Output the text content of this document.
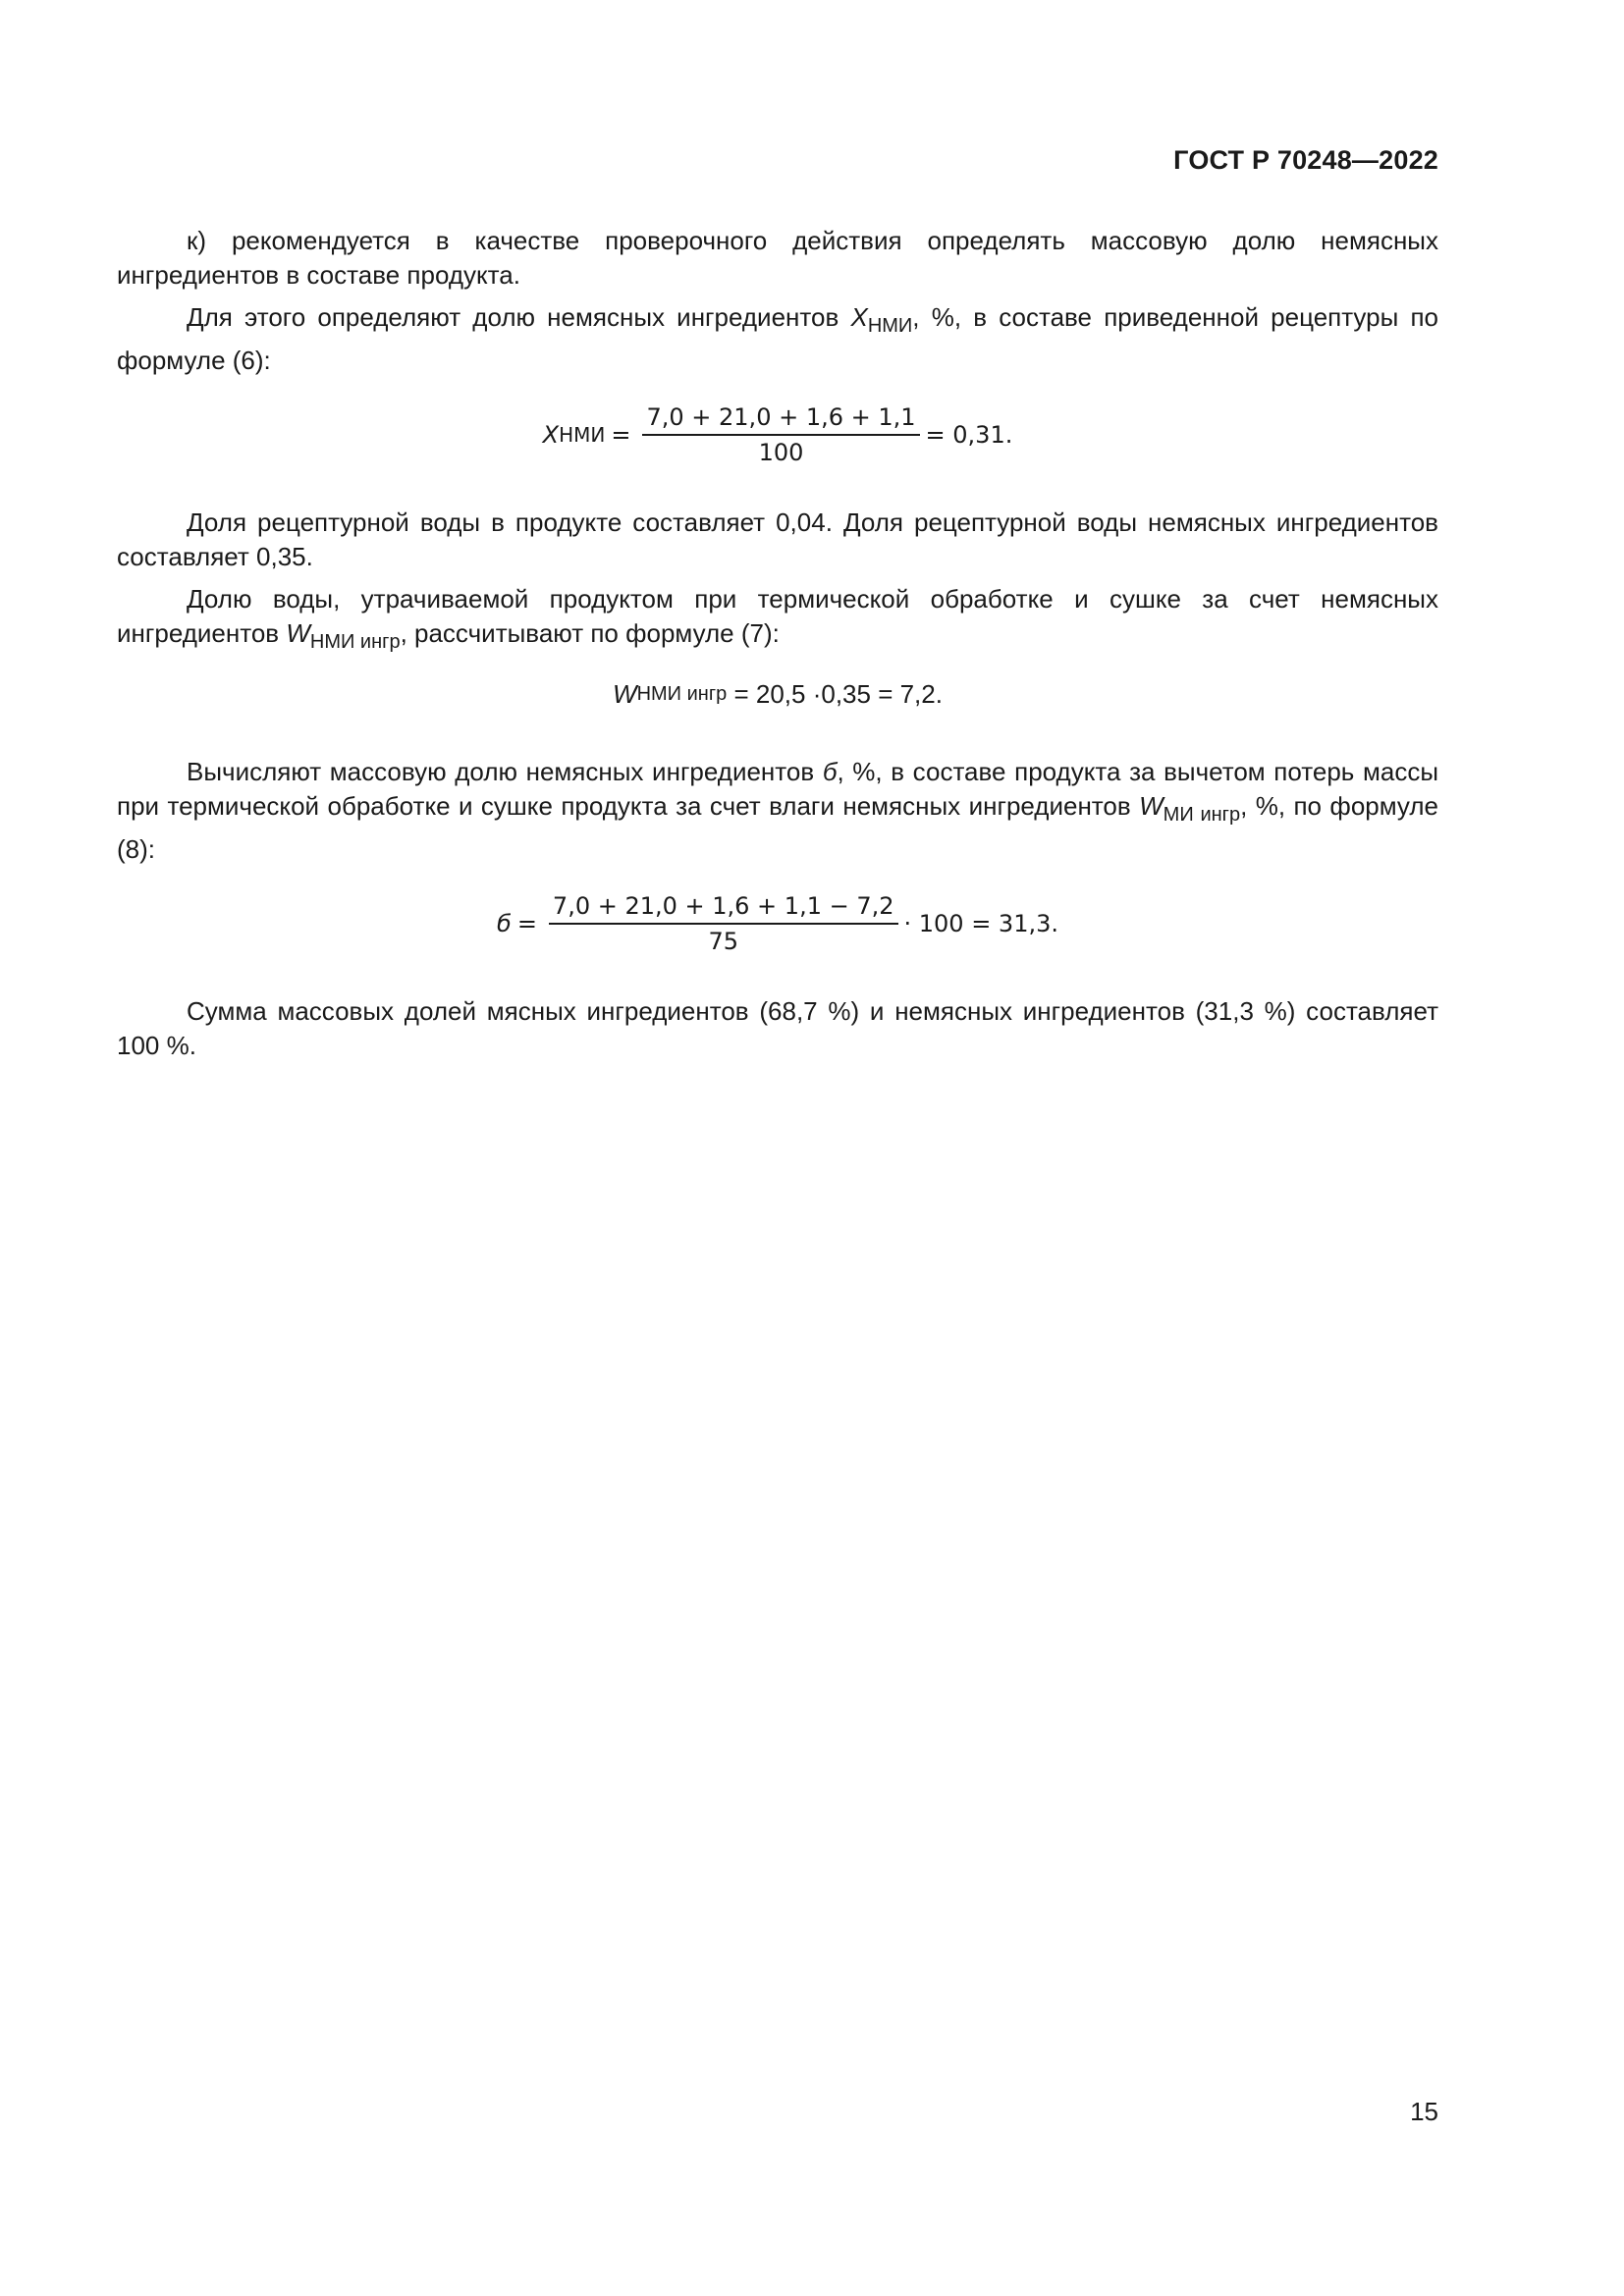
ГОСТ Р 70248—2022

к) рекомендуется в качестве проверочного действия определять массовую долю немясных ингредиентов в составе продукта.

Для этого определяют долю немясных ингредиентов $X_{НМИ}$, %, в составе приведенной рецептуры по формуле (6):

X НМИ = $\frac{7,0 + 21,0 + 1,6 + 1,1}{100} = 0,31$.

Доля рецептурной воды в продукте составляет 0,04. Доля рецептурной воды немясных ингредиентов составляет 0,35.

Долю воды, утрачиваемой продуктом при термической обработке и сушке за счет немясных ингредиентов $W_{НМИ ингр}$, рассчитывают по формуле (7):

W НМИ ингр = 20,5 ·0,35 = 7,2.

Вычисляют массовую долю немясных ингредиентов б, %, в составе продукта за вычетом потерь массы при термической обработке и сушке продукта за счет влаги немясных ингредиентов $W_{МИ ингр}$, %, по формуле (8):

$б = \frac{7,0 + 21,0 + 1,6 + 1,1 - 7,2}{75} \cdot 100 = 31,3$.

Сумма массовых долей мясных ингредиентов (68,7 %) и немясных ингредиентов (31,3 %) составляет 100 %.

15
